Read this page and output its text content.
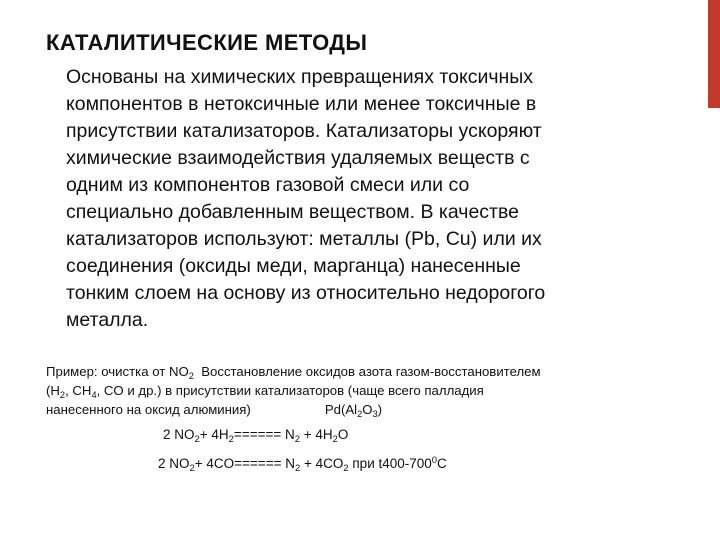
КАТАЛИТИЧЕСКИЕ МЕТОДЫ
Основаны на химических превращениях токсичных
компонентов в нетоксичные или менее токсичные в
присутствии катализаторов. Катализаторы ускоряют
химические взаимодействия удаляемых веществ с
одним из компонентов газовой смеси или со
специально добавленным веществом. В качестве
катализаторов используют: металлы (Pb, Cu) или их
соединения (оксиды меди, марганца) нанесенные
тонким слоем на основу из относительно недорогого
металла.
Пример: очистка от $NO_2$  Восстановление оксидов азота газом-восстановителем
($H_2$, $CH_4$, CO и др.) в присутствии катализаторов (чаще всего палладия
нанесенного на оксид алюминия)	$Pd(Al_2O_3)$
2 $NO_2+ 4H_2====== N_2 + 4H_2O$
2 $NO_2+ 4CO====== N_2 + 4CO_2$ при $t400-700^0C$
